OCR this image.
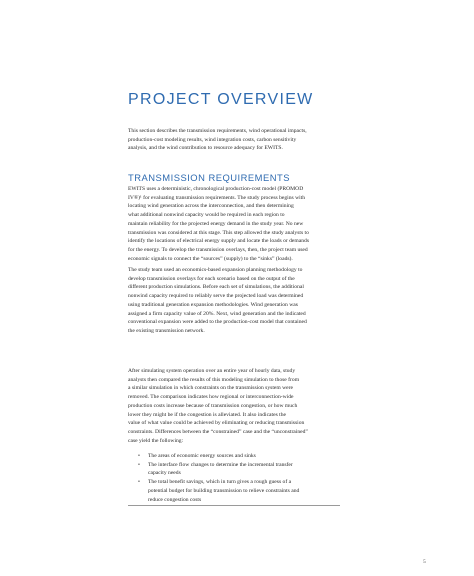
PROJECT OVERVIEW

This section describes the transmission requirements, wind operational impacts,
production-cost modeling results, wind integration costs, carbon sensitivity
analysis, and the wind contribution to resource adequacy for EWITS.

TRANSMISSION REQUIREMENTS

EWITS uses a deterministic, chronological production-cost model (PROMOD
IV®)¹ for evaluating transmission requirements. The study process begins with
locating wind generation across the interconnection, and then determining
what additional nonwind capacity would be required in each region to
maintain reliability for the projected energy demand in the study year. No new
transmission was considered at this stage. This step allowed the study analysts to
identify the locations of electrical energy supply and locate the loads or demands
for the energy. To develop the transmission overlays, then, the project team used
economic signals to connect the “sources” (supply) to the “sinks” (loads).

The study team used an economics-based expansion planning methodology to
develop transmission overlays for each scenario based on the output of the
different production simulations. Before each set of simulations, the additional
nonwind capacity required to reliably serve the projected load was determined
using traditional generation expansion methodologies. Wind generation was
assigned a firm capacity value of 20%. Next, wind generation and the indicated
conventional expansion were added to the production-cost model that contained
the existing transmission network.

After simulating system operation over an entire year of hourly data, study
analysts then compared the results of this modeling simulation to those from
a similar simulation in which constraints on the transmission system were
removed. The comparison indicates how regional or interconnection-wide
production costs increase because of transmission congestion, or how much
lower they might be if the congestion is alleviated. It also indicates the
value of what value could be achieved by eliminating or reducing transmission
constraints. Differences between the “constrained” case and the “unconstrained”
case yield the following:

• The areas of economic energy sources and sinks
• The interface flow changes to determine the incremental transfer
capacity needs
• The total benefit savings, which in turn gives a rough guess of a
potential budget for building transmission to relieve constraints and
reduce congestion costs
5
